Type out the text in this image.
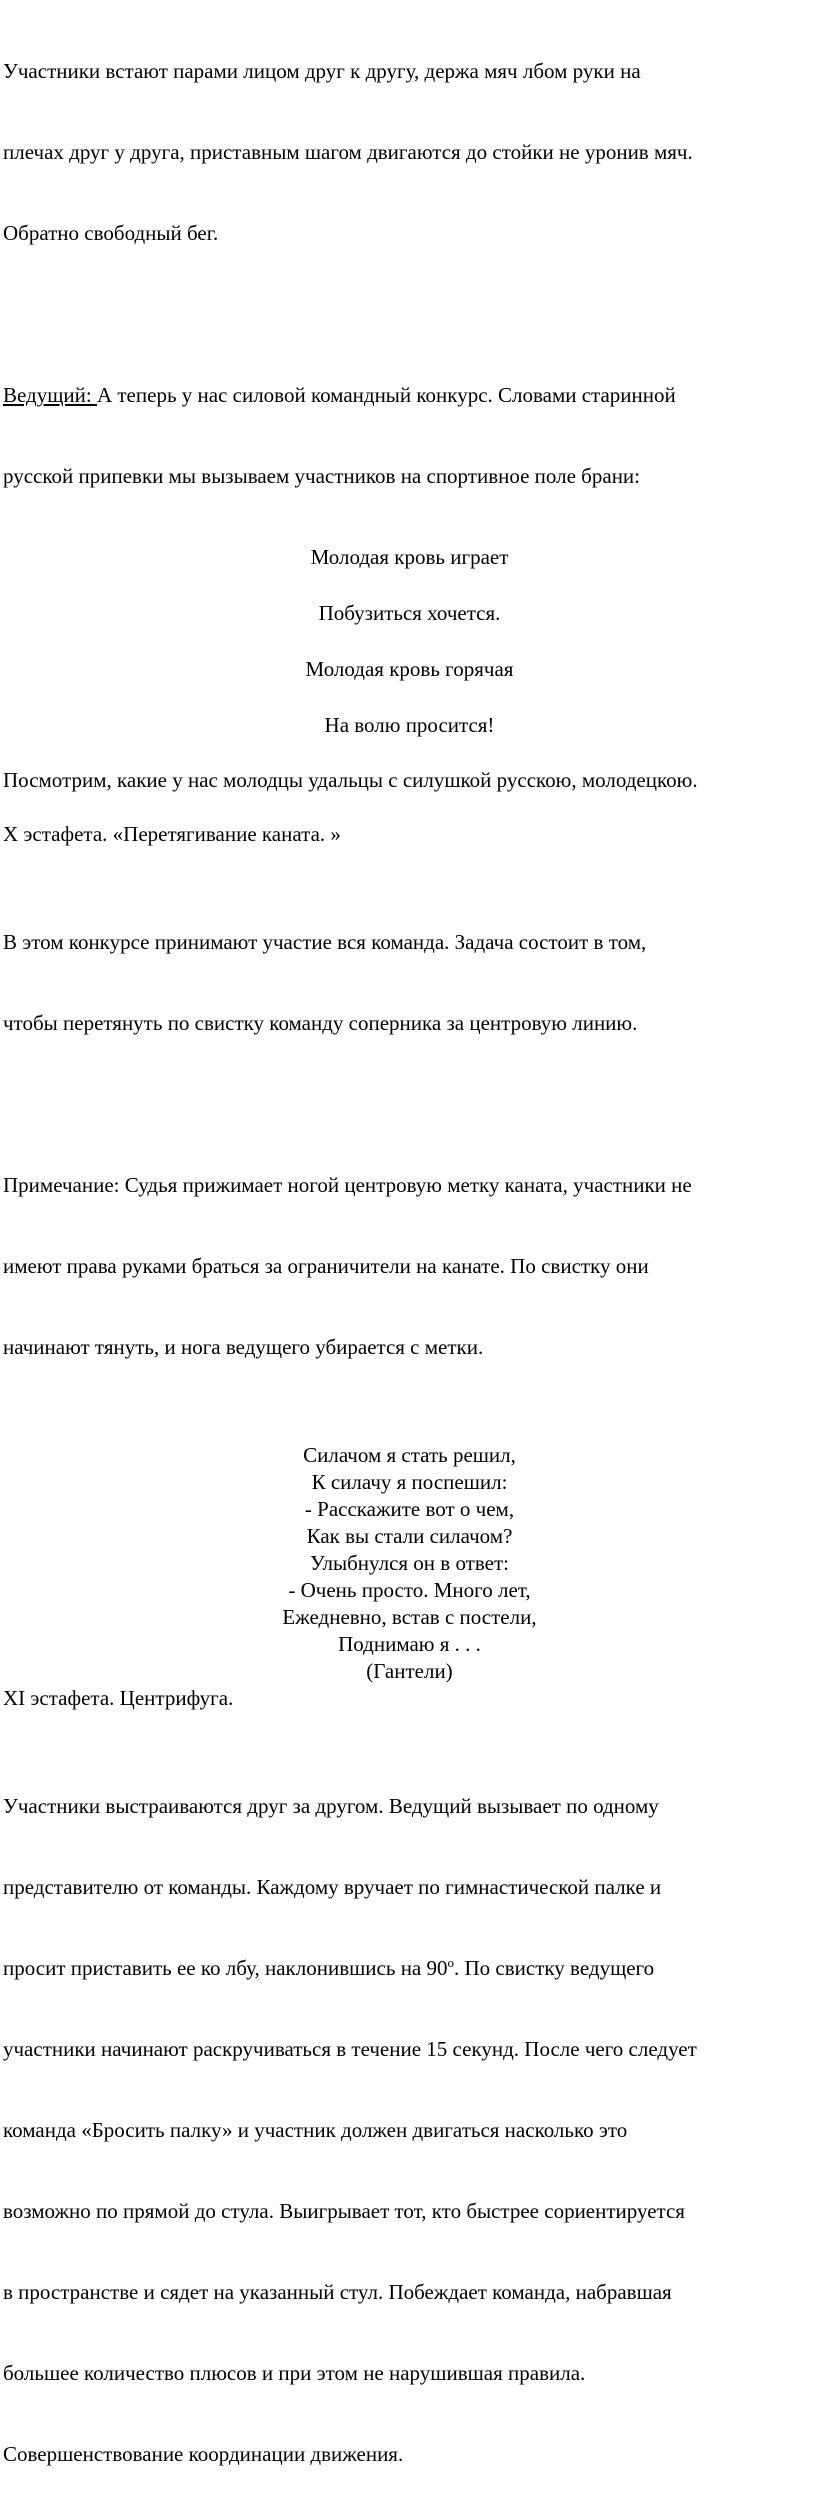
Участники встают парами лицом друг к другу, держа мяч лбом руки на

плечах друг у друга, приставным шагом двигаются до стойки не уронив мяч.

Обратно свободный бег.

Ведущий: А теперь у нас силовой командный конкурс. Словами старинной

русской припевки мы вызываем участников на спортивное поле брани:

Молодая кровь играет

Побузиться хочется.

Молодая кровь горячая

На волю просится!

Посмотрим, какие у нас молодцы удальцы с силушкой русскою, молодецкою.

X эстафета. «Перетягивание каната. »

В этом конкурсе принимают участие вся команда. Задача состоит в том,

чтобы перетянуть по свистку команду соперника за центровую линию.

Примечание: Судья прижимает ногой центровую метку каната, участники не

имеют права руками браться за ограничители на канате. По свистку они

начинают тянуть, и нога ведущего убирается с метки.

Силачом я стать решил,
К силачу я поспешил:
- Расскажите вот о чем,
Как вы стали силачом?
Улыбнулся он в ответ:
- Очень просто. Много лет,
Ежедневно, встав с постели,
Поднимаю я . . .
(Гантели)

XI эстафета. Центрифуга.

Участники выстраиваются друг за другом. Ведущий вызывает по одному

представителю от команды. Каждому вручает по гимнастической палке и

просит приставить ее ко лбу, наклонившись на $90^о$. По свистку ведущего

участники начинают раскручиваться в течение 15 секунд. После чего следует

команда «Бросить палку» и участник должен двигаться насколько это

возможно по прямой до стула. Выигрывает тот, кто быстрее сориентируется

в пространстве и сядет на указанный стул. Побеждает команда, набравшая

большее количество плюсов и при этом не нарушившая правила.

Совершенствование координации движения.
